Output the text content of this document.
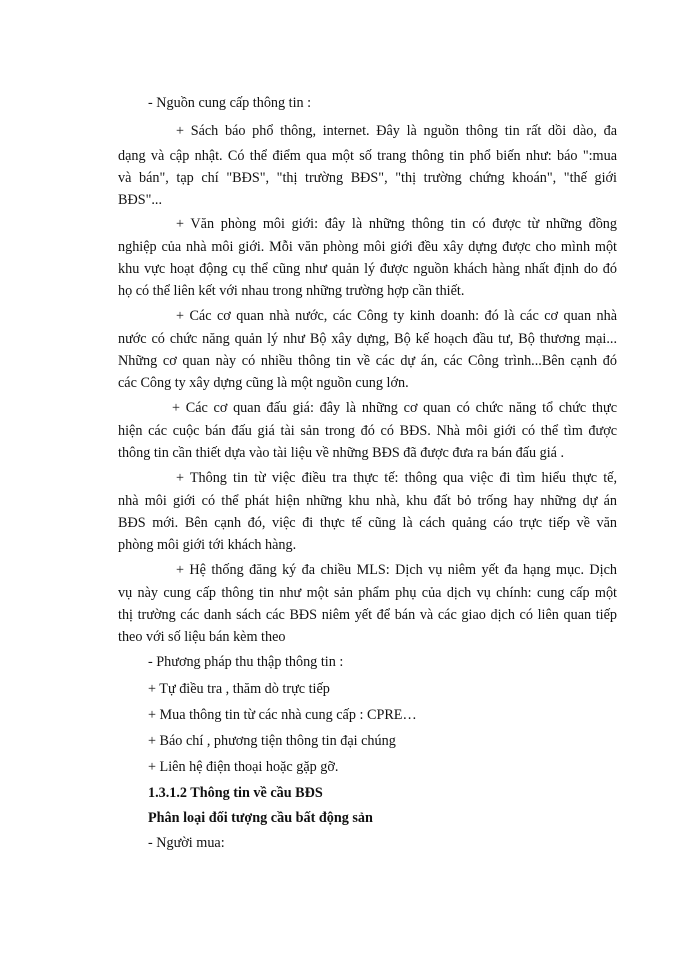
- Nguồn cung cấp thông tin :
+ Sách báo phổ thông, internet. Đây là nguồn thông tin rất dồi dào, đa
dạng và cập nhật. Có thể điểm qua một số trang thông tin phổ biến như: báo ":mua
và bán", tạp chí "BĐS", "thị trường BĐS", "thị trường chứng khoán", "thế giới
BĐS"...
+ Văn phòng môi giới: đây là những thông tin có được từ những đồng
nghiệp của nhà môi giới. Mỗi văn phòng môi giới đều xây dựng được cho mình một
khu vực hoạt động cụ thể cũng như quản lý được nguồn khách hàng nhất định do đó
họ có thể liên kết với nhau trong những trường hợp cần thiết.
+ Các cơ quan nhà nước, các Công ty kinh doanh: đó là các cơ quan nhà
nước có chức năng quản lý như Bộ xây dựng, Bộ kế hoạch đầu tư, Bộ thương mại...
Những cơ quan này có nhiều thông tin về các dự án, các Công trình...Bên cạnh đó
các Công ty xây dựng cũng là một nguồn cung lớn.
+ Các cơ quan đấu giá: đây là những cơ quan có chức năng tổ chức thực
hiện các cuộc bán đấu giá tài sản trong đó có BĐS. Nhà môi giới có thể tìm được
thông tin cần thiết dựa vào tài liệu về những BĐS đã được đưa ra bán đấu giá .
+ Thông tin từ việc điều tra thực tế: thông qua việc đi tìm hiểu thực tế,
nhà môi giới có thể phát hiện những khu nhà, khu đất bỏ trống hay những dự án
BĐS mới. Bên cạnh đó, việc đi thực tế cũng là cách quảng cáo trực tiếp về văn
phòng môi giới tới khách hàng.
+ Hệ thống đăng ký đa chiều MLS: Dịch vụ niêm yết đa hạng mục. Dịch
vụ này cung cấp thông tin như một sản phẩm phụ của dịch vụ chính: cung cấp một
thị trường các danh sách các BĐS niêm yết để bán và các giao dịch có liên quan tiếp
theo với số liệu bán kèm theo
- Phương pháp thu thập thông tin :
+ Tự điều tra , thăm dò trực tiếp
+ Mua thông tin từ các nhà cung cấp : CPRE…
+ Báo chí , phương tiện thông tin đại chúng
+ Liên hệ điện thoại hoặc gặp gỡ.
1.3.1.2 Thông tin về cầu BĐS
Phân loại đối tượng cầu bất động sản
- Người mua:
